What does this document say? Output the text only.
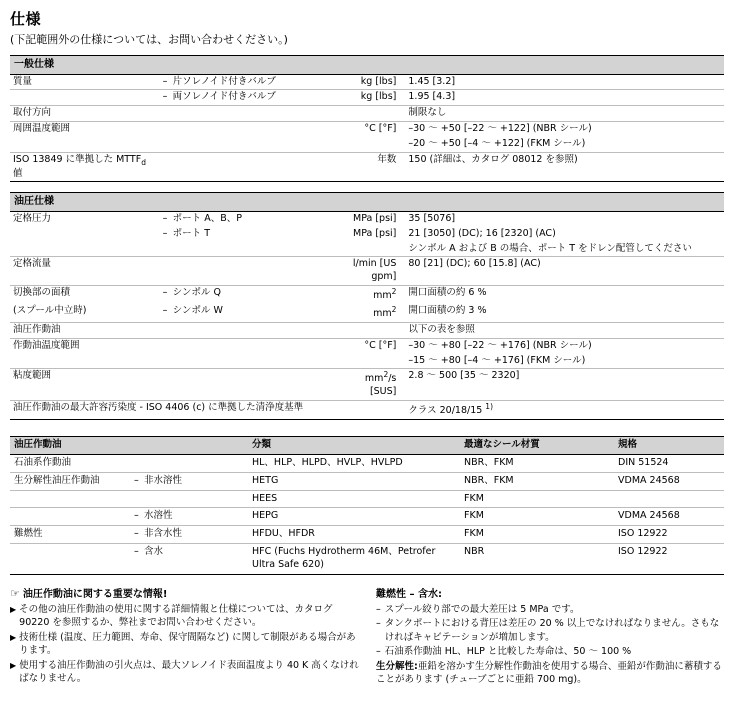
仕様
(下記範囲外の仕様については、お問い合わせください。)
一般仕様			
質量	– 片ソレノイド付きバルブ	kg [lbs]	1.45 [3.2]
	– 両ソレノイド付きバルブ	kg [lbs]	1.95 [4.3]
取付方向			制限なし
周囲温度範囲		°C [°F]	–30 ～ +50 [–22 ～ +122] (NBR シール)
			–20 ～ +50 [–4 ～ +122] (FKM シール)
ISO 13849 に準拠した $MTTF_d$ 値		年数	150 (詳細は、カタログ 08012 を参照)
油圧仕様			
定格圧力	– ポート A、B、P	MPa [psi]	35 [5076]
	– ポート T	MPa [psi]	21 [3050] (DC); 16 [2320] (AC)
			シンボル A および B の場合、ポート T をドレン配管してください
定格流量		l/min [US gpm]	80 [21] (DC); 60 [15.8] (AC)
切換部の面積	– シンボル Q	$mm^2$	開口面積の約 6 %
(スプール中立時)	– シンボル W	$mm^2$	開口面積の約 3 %
油圧作動油			以下の表を参照
作動油温度範囲		°C [°F]	–30 ～ +80 [–22 ～ +176] (NBR シール)
			–15 ～ +80 [–4 ～ +176] (FKM シール)
粘度範囲		$mm^2/s$ [SUS]	2.8 ～ 500 [35 ～ 2320]
油圧作動油の最大許容汚染度 - ISO 4406 (c) に準拠した清浄度基準			クラス 20/18/15 $^{1)}$
油圧作動油		分類	最適なシール材質	規格
石油系作動油		HL、HLP、HLPD、HVLP、HVLPD	NBR、FKM	DIN 51524
生分解性油圧作動油	– 非水溶性	HETG	NBR、FKM	VDMA 24568
		HEES	FKM	
	– 水溶性	HEPG	FKM	VDMA 24568
難燃性	– 非含水性	HFDU、HFDR	FKM	ISO 12922
	– 含水	HFC (Fuchs Hydrotherm 46M、Petrofer Ultra Safe 620)	NBR	ISO 12922
☞ 油圧作動油に関する重要な情報!
▶ その他の油圧作動油の使用に関する詳細情報と仕様については、カタログ 90220 を参照するか、弊社までお問い合わせください。
▶ 技術仕様 (温度、圧力範囲、寿命、保守間隔など) に関して制限がある場合があります。
▶ 使用する油圧作動油の引火点は、最大ソレノイド表面温度より 40 K 高くなければなりません。
難燃性 – 含水:
– スプール絞り部での最大差圧は 5 MPa です。
– タンクポートにおける背圧は差圧の 20 % 以上でなければなりません。さもなければキャビテーションが増加します。
– 石油系作動油 HL、HLP と比較した寿命は、50 ～ 100 %
生分解性:亜鉛を溶かす生分解性作動油を使用する場合、亜鉛が作動油に蓄積することがあります (チューブごとに亜鉛 700 mg)。
